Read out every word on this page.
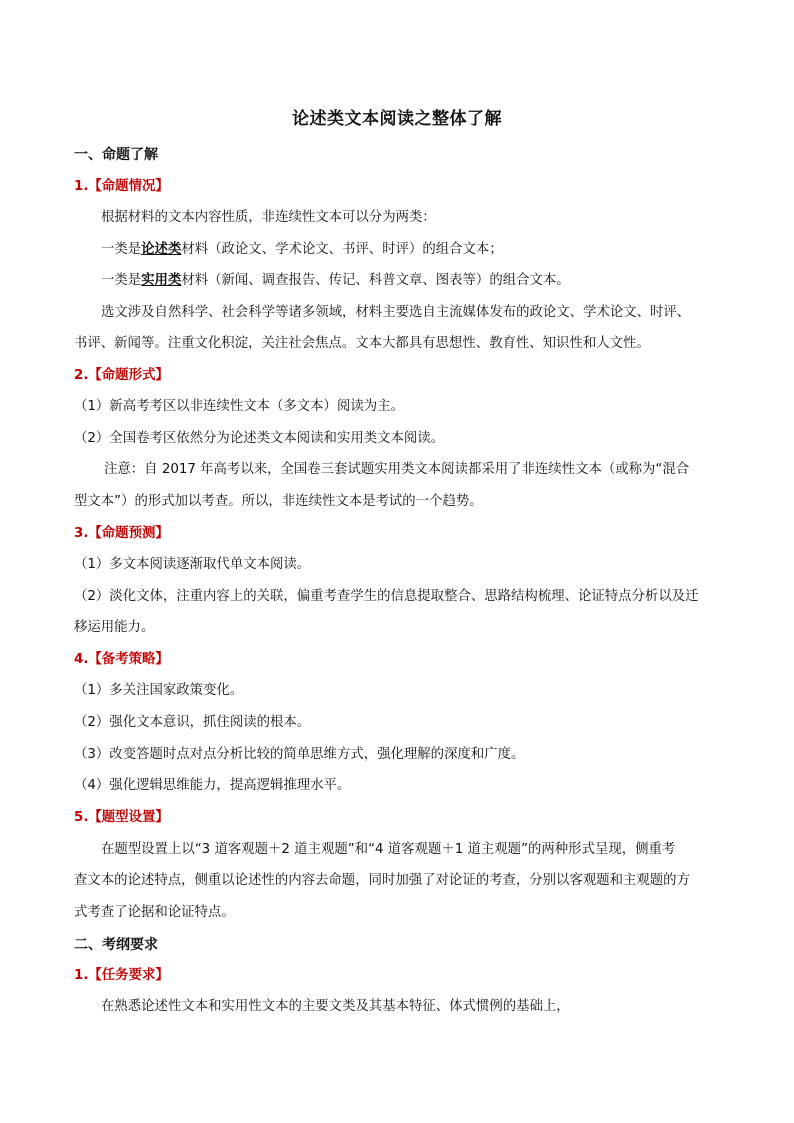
论述类文本阅读之整体了解
一、命题了解
1.【命题情况】
根据材料的文本内容性质，非连续性文本可以分为两类：
一类是论述类材料（政论文、学术论文、书评、时评）的组合文本；
一类是实用类材料（新闻、调查报告、传记、科普文章、图表等）的组合文本。
选文涉及自然科学、社会科学等诸多领域，材料主要选自主流媒体发布的政论文、学术论文、时评、
书评、新闻等。注重文化积淀，关注社会焦点。文本大都具有思想性、教育性、知识性和人文性。
2.【命题形式】
（1）新高考考区以非连续性文本（多文本）阅读为主。
（2）全国卷考区依然分为论述类文本阅读和实用类文本阅读。
注意：自 2017 年高考以来，全国卷三套试题实用类文本阅读都采用了非连续性文本（或称为“混合
型文本”）的形式加以考查。所以，非连续性文本是考试的一个趋势。
3.【命题预测】
（1）多文本阅读逐渐取代单文本阅读。
（2）淡化文体，注重内容上的关联，偏重考查学生的信息提取整合、思路结构梳理、论证特点分析以及迁
移运用能力。
4.【备考策略】
（1）多关注国家政策变化。
（2）强化文本意识，抓住阅读的根本。
（3）改变答题时点对点分析比较的简单思维方式，强化理解的深度和广度。
（4）强化逻辑思维能力，提高逻辑推理水平。
5.【题型设置】
在题型设置上以“3 道客观题＋2 道主观题”和“4 道客观题＋1 道主观题”的两种形式呈现，侧重考
查文本的论述特点，侧重以论述性的内容去命题，同时加强了对论证的考查，分别以客观题和主观题的方
式考查了论据和论证特点。
二、考纲要求
1.【任务要求】
在熟悉论述性文本和实用性文本的主要文类及其基本特征、体式惯例的基础上，
